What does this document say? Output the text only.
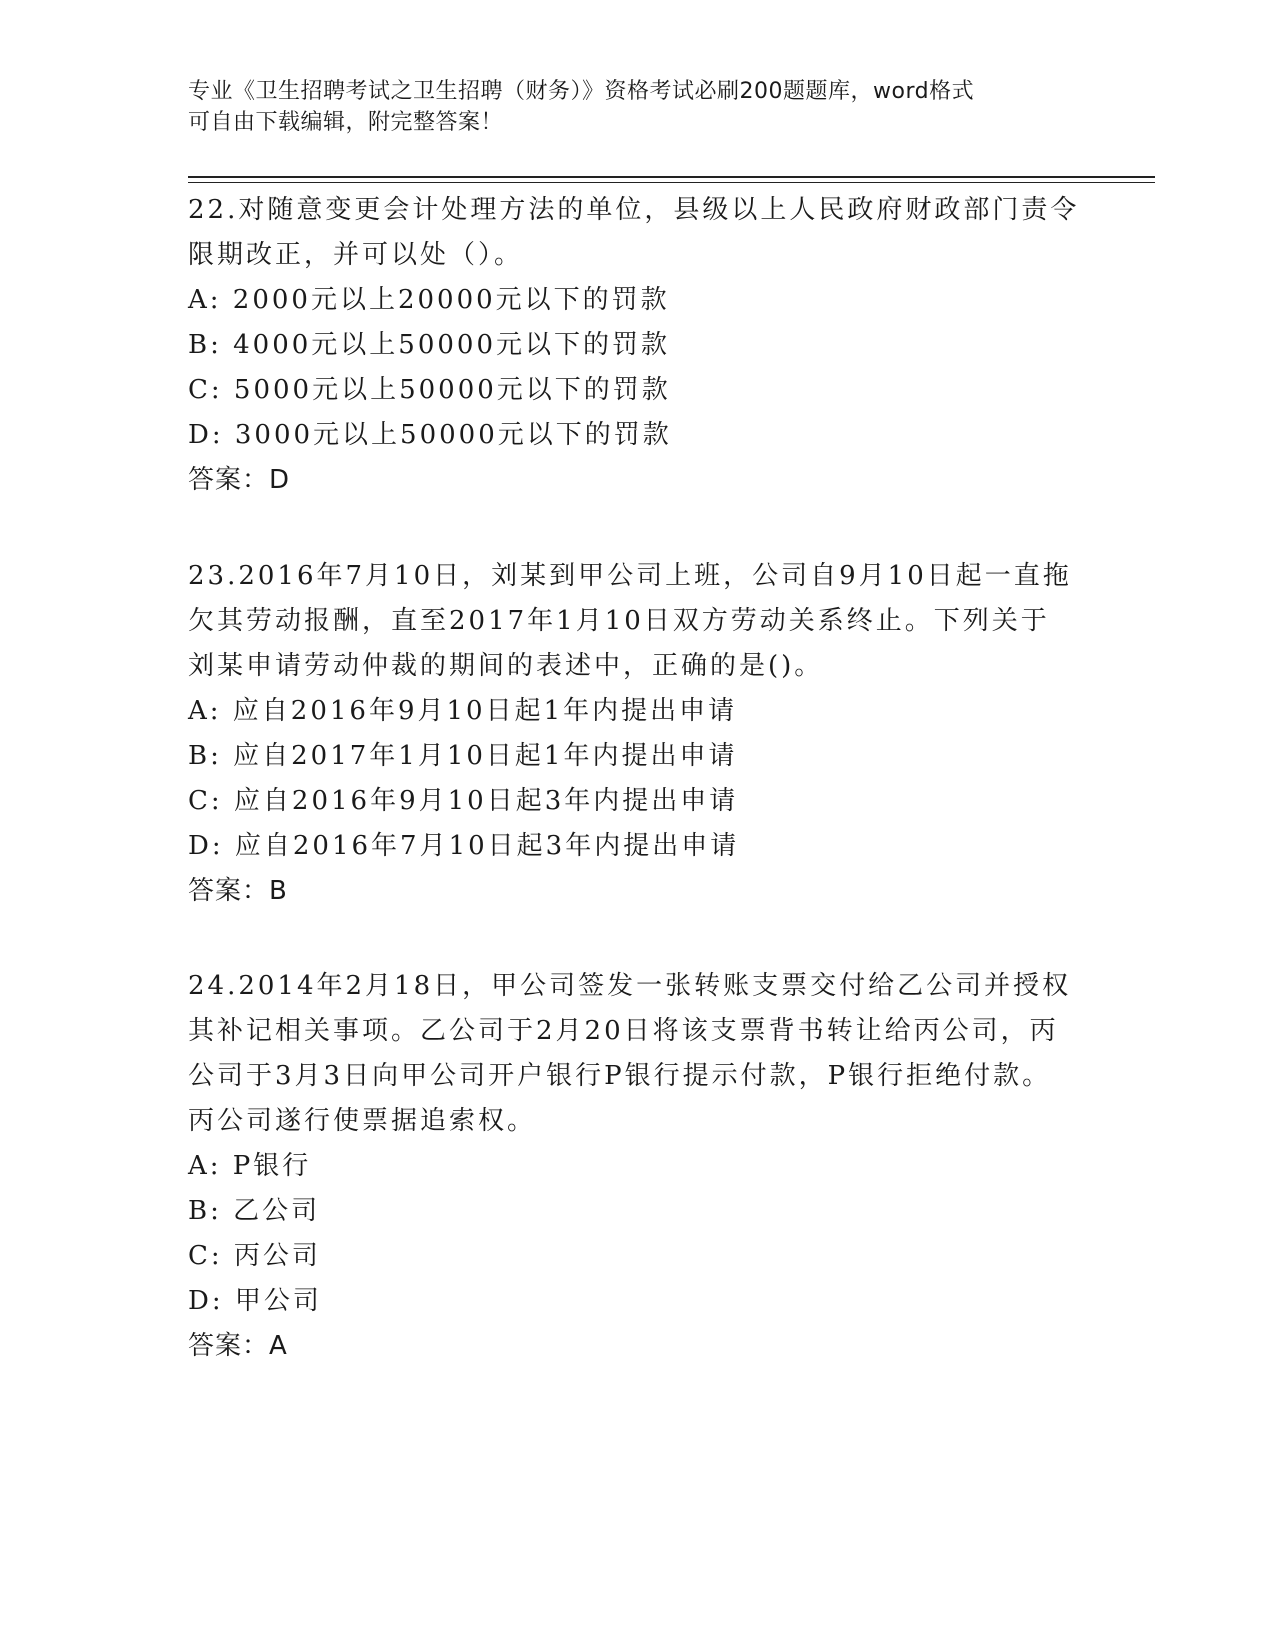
专业《卫生招聘考试之卫生招聘（财务）》资格考试必刷200题题库，word格式
可自由下载编辑，附完整答案！

22.对随意变更会计处理方法的单位，县级以上人民政府财政部门责令

限期改正，并可以处（）。

A: 2000元以上20000元以下的罚款

B: 4000元以上50000元以下的罚款

C: 5000元以上50000元以下的罚款

D: 3000元以上50000元以下的罚款

答案：D

23.2016年7月10日，刘某到甲公司上班，公司自9月10日起一直拖

欠其劳动报酬，直至2017年1月10日双方劳动关系终止。下列关于

刘某申请劳动仲裁的期间的表述中，正确的是()。

A: 应自2016年9月10日起1年内提出申请

B: 应自2017年1月10日起1年内提出申请

C: 应自2016年9月10日起3年内提出申请

D: 应自2016年7月10日起3年内提出申请

答案：B

24.2014年2月18日，甲公司签发一张转账支票交付给乙公司并授权

其补记相关事项。乙公司于2月20日将该支票背书转让给丙公司，丙

公司于3月3日向甲公司开户银行P银行提示付款，P银行拒绝付款。

丙公司遂行使票据追索权。

A: P银行

B: 乙公司

C: 丙公司

D: 甲公司

答案：A
